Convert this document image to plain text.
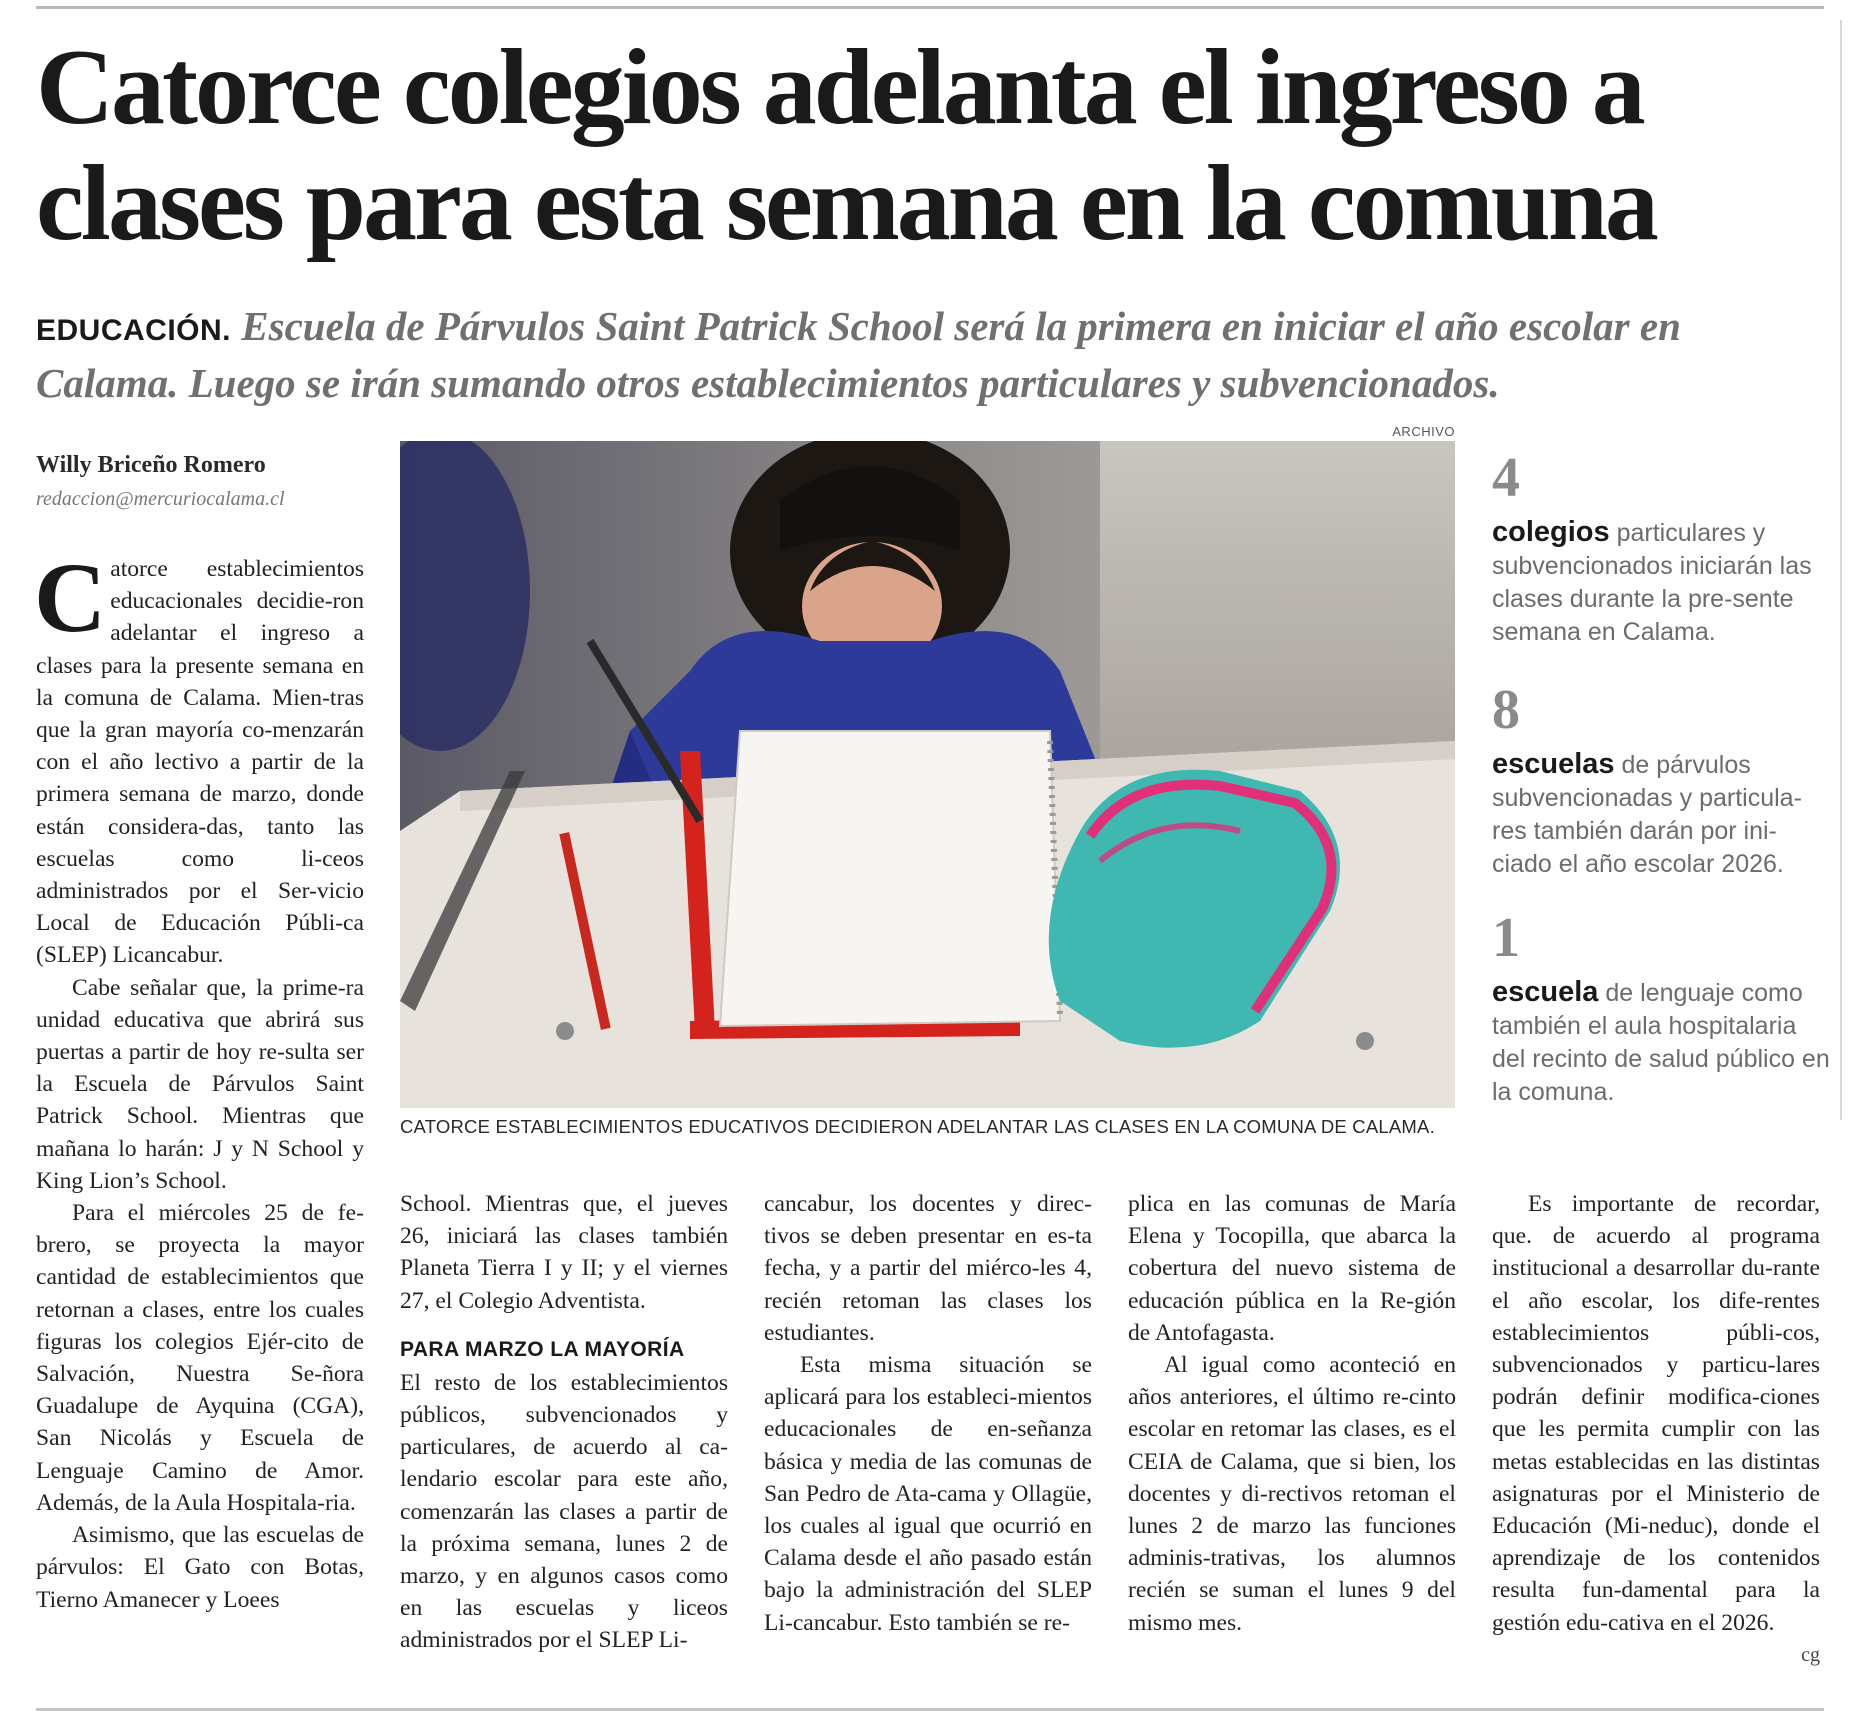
Catorce colegios adelanta el ingreso a clases para esta semana en la comuna
EDUCACIÓN. Escuela de Párvulos Saint Patrick School será la primera en iniciar el año escolar en Calama. Luego se irán sumando otros establecimientos particulares y subvencionados.
Willy Briceño Romero
redaccion@mercuriocalama.cl
ARCHIVO
CATORCE ESTABLECIMIENTOS EDUCATIVOS DECIDIERON ADELANTAR LAS CLASES EN LA COMUNA DE CALAMA.

Catorce establecimientos educacionales decidie-ron adelantar el ingreso a clases para la presente semana en la comuna de Calama. Mien-tras que la gran mayoría co-menzarán con el año lectivo a partir de la primera semana de marzo, donde están considera-das, tanto las escuelas como li-ceos administrados por el Ser-vicio Local de Educación Públi-ca (SLEP) Licancabur.

Cabe señalar que, la prime-ra unidad educativa que abrirá sus puertas a partir de hoy re-sulta ser la Escuela de Párvulos Saint Patrick School. Mientras que mañana lo harán: J y N School y King Lion’s School.

Para el miércoles 25 de fe-brero, se proyecta la mayor cantidad de establecimientos que retornan a clases, entre los cuales figuras los colegios Ejér-cito de Salvación, Nuestra Se-ñora Guadalupe de Ayquina (CGA), San Nicolás y Escuela de Lenguaje Camino de Amor. Además, de la Aula Hospitala-ria.

Asimismo, que las escuelas de párvulos: El Gato con Botas, Tierno Amanecer y Loees

School. Mientras que, el jueves 26, iniciará las clases también Planeta Tierra I y II; y el viernes 27, el Colegio Adventista.

PARA MARZO LA MAYORÍA

El resto de los establecimientos públicos, subvencionados y particulares, de acuerdo al ca-lendario escolar para este año, comenzarán las clases a partir de la próxima semana, lunes 2 de marzo, y en algunos casos como en las escuelas y liceos administrados por el SLEP Li-

cancabur, los docentes y direc-tivos se deben presentar en es-ta fecha, y a partir del miérco-les 4, recién retoman las clases los estudiantes.

Esta misma situación se aplicará para los estableci-mientos educacionales de en-señanza básica y media de las comunas de San Pedro de Ata-cama y Ollagüe, los cuales al igual que ocurrió en Calama desde el año pasado están bajo la administración del SLEP Li-cancabur. Esto también se re-

plica en las comunas de María Elena y Tocopilla, que abarca la cobertura del nuevo sistema de educación pública en la Re-gión de Antofagasta.

Al igual como aconteció en años anteriores, el último re-cinto escolar en retomar las clases, es el CEIA de Calama, que si bien, los docentes y di-rectivos retoman el lunes 2 de marzo las funciones adminis-trativas, los alumnos recién se suman el lunes 9 del mismo mes.

Es importante de recordar, que. de acuerdo al programa institucional a desarrollar du-rante el año escolar, los dife-rentes establecimientos públi-cos, subvencionados y particu-lares podrán definir modifica-ciones que les permita cumplir con las metas establecidas en las distintas asignaturas por el Ministerio de Educación (Mi-neduc), donde el aprendizaje de los contenidos resulta fun-damental para la gestión edu-cativa en el 2026.
cg

4
colegios particulares y subvencionados iniciarán las clases durante la pre-sente semana en Calama.
8
escuelas de párvulos subvencionadas y particula-res también darán por ini-ciado el año escolar 2026.
1
escuela de lenguaje como también el aula hospitalaria del recinto de salud público en la comuna.
